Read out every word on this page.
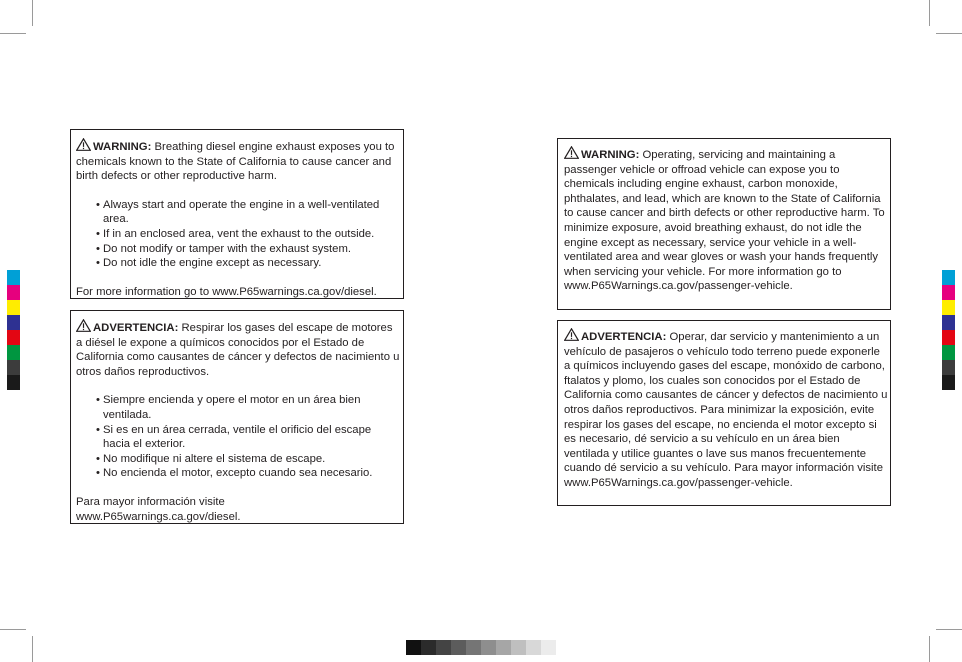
WARNING: Breathing diesel engine exhaust exposes you to chemicals known to the State of California to cause cancer and birth defects or other reproductive harm.

• Always start and operate the engine in a well-ventilated area.
• If in an enclosed area, vent the exhaust to the outside.
• Do not modify or tamper with the exhaust system.
• Do not idle the engine except as necessary.

For more information go to www.P65warnings.ca.gov/diesel.

ADVERTENCIA: Respirar los gases del escape de motores a diésel le expone a químicos conocidos por el Estado de California como causantes de cáncer y defectos de nacimiento u otros daños reproductivos.

• Siempre encienda y opere el motor en un área bien ventilada.
• Si es en un área cerrada, ventile el orificio del escape hacia el exterior.
• No modifique ni altere el sistema de escape.
• No encienda el motor, excepto cuando sea necesario.

Para mayor información visite
www.P65warnings.ca.gov/diesel.

WARNING: Operating, servicing and maintaining a passenger vehicle or offroad vehicle can expose you to chemicals including engine exhaust, carbon monoxide, phthalates, and lead, which are known to the State of California to cause cancer and birth defects or other reproductive harm. To minimize exposure, avoid breathing exhaust, do not idle the engine except as necessary, service your vehicle in a well-ventilated area and wear gloves or wash your hands frequently when servicing your vehicle. For more information go to www.P65Warnings.ca.gov/passenger-vehicle.

ADVERTENCIA: Operar, dar servicio y mantenimiento a un vehículo de pasajeros o vehículo todo terreno puede exponerle a químicos incluyendo gases del escape, monóxido de carbono, ftalatos y plomo, los cuales son conocidos por el Estado de California como causantes de cáncer y defectos de nacimiento u otros daños reproductivos. Para minimizar la exposición, evite respirar los gases del escape, no encienda el motor excepto si es necesario, dé servicio a su vehículo en un área bien ventilada y utilice guantes o lave sus manos frecuentemente cuando dé servicio a su vehículo. Para mayor información visite www.P65Warnings.ca.gov/passenger-vehicle.
